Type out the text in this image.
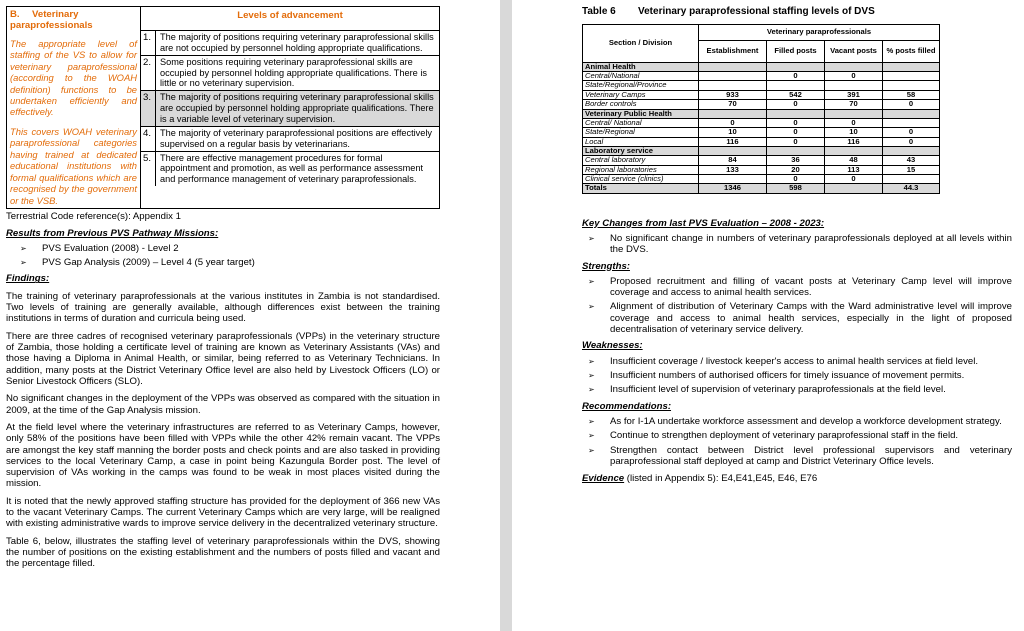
B. Veterinary paraprofessionals
The appropriate level of staffing of the VS to allow for veterinary paraprofessional (according to the WOAH definition) functions to be undertaken efficiently and effectively.
This covers WOAH veterinary paraprofessional categories having trained at dedicated educational institutions with formal qualifications which are recognised by the government or the VSB.
	Levels of advancement

1. The majority of positions requiring veterinary paraprofessional skills are not occupied by personnel holding appropriate qualifications.
2. Some positions requiring veterinary paraprofessional skills are occupied by personnel holding appropriate qualifications. There is little or no veterinary supervision.
3. The majority of positions requiring veterinary paraprofessional skills are occupied by personnel holding appropriate qualifications. There is a variable level of veterinary supervision.
4. The majority of veterinary paraprofessional positions are effectively supervised on a regular basis by veterinarians.
5. There are effective management procedures for formal appointment and promotion, as well as performance assessment and performance management of veterinary paraprofessionals.
Terrestrial Code reference(s): Appendix 1
Results from Previous PVS Pathway Missions:
➢	PVS Evaluation (2008) - Level 2
➢	PVS Gap Analysis (2009) – Level 4 (5 year target)
Findings:

The training of veterinary paraprofessionals at the various institutes in Zambia is not standardised. Two levels of training are generally available, although differences exist between the training institutions in terms of duration and curricula being used.

There are three cadres of recognised veterinary paraprofessionals (VPPs) in the veterinary structure of Zambia, those holding a certificate level of training are known as Veterinary Assistants (VAs) and those having a Diploma in Animal Health, or similar, being referred to as Veterinary Technicians. In addition, many posts at the District Veterinary Office level are also held by Livestock Officers (LO) or Senior Livestock Officers (SLO).

No significant changes in the deployment of the VPPs was observed as compared with the situation in 2009, at the time of the Gap Analysis mission.

At the field level where the veterinary infrastructures are referred to as Veterinary Camps, however, only 58% of the positions have been filled with VPPs while the other 42% remain vacant. The VPPs are amongst the key staff manning the border posts and check points and are also tasked in providing services to the local Veterinary Camp, a case in point being Kazungula Border post. The level of supervision of VAs working in the camps was found to be weak in most places visited during the mission.

It is noted that the newly approved staffing structure has provided for the deployment of 366 new VAs to the vacant Veterinary Camps. The current Veterinary Camps which are very large, will be realigned with existing administrative wards to improve service delivery in the decentralized veterinary structure.

Table 6, below, illustrates the staffing level of veterinary paraprofessionals within the DVS, showing the number of positions on the existing establishment and the numbers of posts filled and vacant and the percentage filled.

Table 6 Veterinary paraprofessional staffing levels of DVS
Section / Division	Veterinary paraprofessionals			
	Establishment	Filled posts	Vacant posts	% posts filled
Animal Health				
Central/National		0	0	
State/Regional/Province				
Veterinary Camps	933	542	391	58
Border controls	70	0	70	0
Veterinary Public Health				
Central/ National	0	0	0	
State/Regional	10	0	10	0
Local	116	0	116	0
Laboratory service				
Central laboratory	84	36	48	43
Regional laboratories	133	20	113	15
Clinical service (clinics)		0	0	
Totals	1346	598		44.3
Key Changes from last PVS Evaluation – 2008 - 2023:
➢	No significant change in numbers of veterinary paraprofessionals deployed at all levels within the DVS.
Strengths:
➢	Proposed recruitment and filling of vacant posts at Veterinary Camp level will improve coverage and access to animal health services.
➢	Alignment of distribution of Veterinary Camps with the Ward administrative level will improve coverage and access to animal health services, especially in the light of proposed decentralisation of veterinary service delivery.
Weaknesses:
➢	Insufficient coverage / livestock keeper's access to animal health services at field level.
➢	Insufficient numbers of authorised officers for timely issuance of movement permits.
➢	Insufficient level of supervision of veterinary paraprofessionals at the field level.
Recommendations:
➢	As for I-1A undertake workforce assessment and develop a workforce development strategy.
➢	Continue to strengthen deployment of veterinary paraprofessional staff in the field.
➢	Strengthen contact between District level professional supervisors and veterinary paraprofessional staff deployed at camp and District Veterinary Office levels.
Evidence (listed in Appendix 5): E4,E41,E45, E46, E76
